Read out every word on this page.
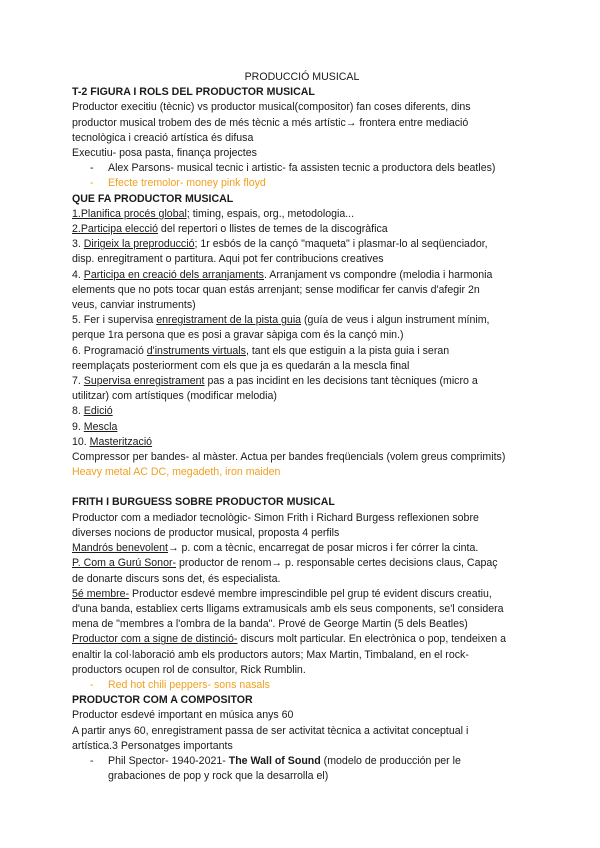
PRODUCCIÓ MUSICAL
T-2 FIGURA I ROLS DEL PRODUCTOR MUSICAL
Productor execitiu (tècnic) vs productor musical(compositor) fan coses diferents, dins
productor musical trobem des de més tècnic a més artístic→ frontera entre mediació
tecnològica i creació artística és difusa
Executiu- posa pasta, finança projectes
- Alex Parsons- musical tecnic i artistic- fa assisten tecnic a productora dels beatles)
- Efecte tremolor- money pink floyd
QUE FA PRODUCTOR MUSICAL
1.Planifica procés global; timing, espais, org., metodologia...
2.Participa elecció del repertori o llistes de temes de la discogràfica
3. Dirigeix la preproducció; 1r esbós de la cançó "maqueta" i plasmar-lo al seqüenciador,
disp. enregitrament o partitura. Aqui pot fer contribucions creatives
4. Participa en creació dels arranjaments. Arranjament vs compondre (melodia i harmonia
elements que no pots tocar quan estás arrenjant; sense modificar fer canvis d'afegir 2n
veus, canviar instruments)
5. Fer i supervisa enregistrament de la pista guia (guía de veus i algun instrument mínim,
perque 1ra persona que es posi a gravar sàpiga com és la cançó min.)
6. Programació d'instruments virtuals, tant els que estiguin a la pista guia i seran
reemplaçats posteriorment com els que ja es quedarán a la mescla final
7. Supervisa enregistrament pas a pas incidint en les decisions tant tècniques (micro a
utilitzar) com artístiques (modificar melodia)
8. Edició
9. Mescla
10. Masterització
Compressor per bandes- al màster. Actua per bandes freqüencials (volem greus comprimits)
Heavy metal AC DC, megadeth, iron maiden
FRITH I BURGUESS SOBRE PRODUCTOR MUSICAL
Productor com a mediador tecnològic- Simon Frith i Richard Burgess reflexionen sobre
diverses nocions de productor musical, proposta 4 perfils
Mandrós benevolent→ p. com a tècnic, encarregat de posar micros i fer córrer la cinta.
P. Com a Gurú Sonor- productor de renom→ p. responsable certes decisions claus, Capaç
de donarte discurs sons det, és especialista.
5é membre- Productor esdevé membre imprescindible pel grup té evident discurs creatiu,
d'una banda, establiex certs lligams extramusicals amb els seus components, se'l considera
mena de "membres a l'ombra de la banda". Prové de George Martin (5 dels Beatles)
Productor com a signe de distinció- discurs molt particular. En electrònica o pop, tendeixen a
enaltir la col·laboració amb els productors autors; Max Martin, Timbaland, en el rock-
productors ocupen rol de consultor, Rick Rumblin.
- Red hot chili peppers- sons nasals
PRODUCTOR COM A COMPOSITOR
Productor esdevé important en música anys 60
A partir anys 60, enregistrament passa de ser activitat tècnica a activitat conceptual i
artística.3 Personatges importants
- Phil Spector- 1940-2021- The Wall of Sound (modelo de producción per le
grabaciones de pop y rock que la desarrolla el)
